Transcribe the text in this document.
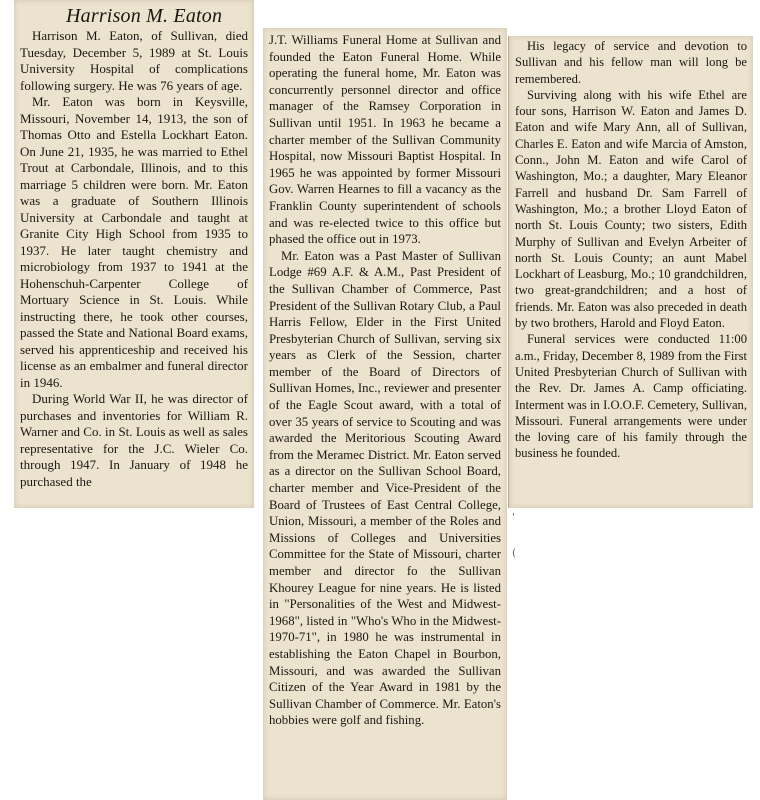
Harrison M. Eaton

Harrison M. Eaton, of Sullivan, died Tuesday, December 5, 1989 at St. Louis University Hospital of complications following surgery. He was 76 years of age.

Mr. Eaton was born in Keysville, Missouri, November 14, 1913, the son of Thomas Otto and Estella Lockhart Eaton. On June 21, 1935, he was married to Ethel Trout at Carbondale, Illinois, and to this marriage 5 children were born. Mr. Eaton was a graduate of Southern Illinois University at Carbondale and taught at Granite City High School from 1935 to 1937. He later taught chemistry and microbiology from 1937 to 1941 at the Hohenschuh-Carpenter College of Mortuary Science in St. Louis. While instructing there, he took other courses, passed the State and National Board exams, served his apprenticeship and received his license as an embalmer and funeral director in 1946.

During World War II, he was director of purchases and inventories for William R. Warner and Co. in St. Louis as well as sales representative for the J.C. Wieler Co. through 1947. In January of 1948 he purchased the

J.T. Williams Funeral Home at Sullivan and founded the Eaton Funeral Home. While operating the funeral home, Mr. Eaton was concurrently personnel director and office manager of the Ramsey Corporation in Sullivan until 1951. In 1963 he became a charter member of the Sullivan Community Hospital, now Missouri Baptist Hospital. In 1965 he was appointed by former Missouri Gov. Warren Hearnes to fill a vacancy as the Franklin County superintendent of schools and was re-elected twice to this office but phased the office out in 1973.

Mr. Eaton was a Past Master of Sullivan Lodge #69 A.F. & A.M., Past President of the Sullivan Chamber of Commerce, Past President of the Sullivan Rotary Club, a Paul Harris Fellow, Elder in the First United Presbyterian Church of Sullivan, serving six years as Clerk of the Session, charter member of the Board of Directors of Sullivan Homes, Inc., reviewer and presenter of the Eagle Scout award, with a total of over 35 years of service to Scouting and was awarded the Meritorious Scouting Award from the Meramec District. Mr. Eaton served as a director on the Sullivan School Board, charter member and Vice-President of the Board of Trustees of East Central College, Union, Missouri, a member of the Roles and Missions of Colleges and Universities Committee for the State of Missouri, charter member and director fo the Sullivan Khourey League for nine years. He is listed in "Personalities of the West and Midwest-1968", listed in "Who's Who in the Midwest-1970-71", in 1980 he was instrumental in establishing the Eaton Chapel in Bourbon, Missouri, and was awarded the Sullivan Citizen of the Year Award in 1981 by the Sullivan Chamber of Commerce. Mr. Eaton's hobbies were golf and fishing.

'
(

His legacy of service and devotion to Sullivan and his fellow man will long be remembered.

Surviving along with his wife Ethel are four sons, Harrison W. Eaton and James D. Eaton and wife Mary Ann, all of Sullivan, Charles E. Eaton and wife Marcia of Amston, Conn., John M. Eaton and wife Carol of Washington, Mo.; a daughter, Mary Eleanor Farrell and husband Dr. Sam Farrell of Washington, Mo.; a brother Lloyd Eaton of north St. Louis County; two sisters, Edith Murphy of Sullivan and Evelyn Arbeiter of north St. Louis County; an aunt Mabel Lockhart of Leasburg, Mo.; 10 grandchildren, two great-grandchildren; and a host of friends. Mr. Eaton was also preceded in death by two brothers, Harold and Floyd Eaton.

Funeral services were conducted 11:00 a.m., Friday, December 8, 1989 from the First United Presbyterian Church of Sullivan with the Rev. Dr. James A. Camp officiating. Interment was in I.O.O.F. Cemetery, Sullivan, Missouri. Funeral arrangements were under the loving care of his family through the business he founded.
